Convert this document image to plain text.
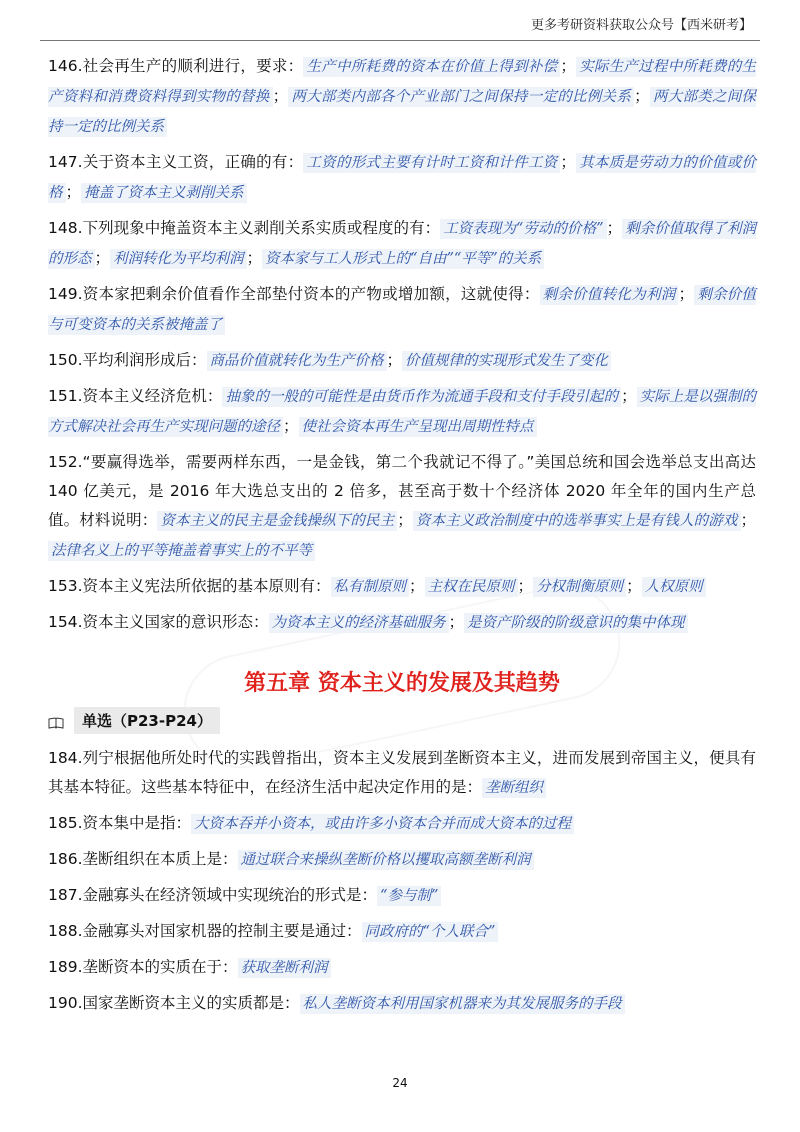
更多考研资料获取公众号【西米研考】

146.社会再生产的顺利进行，要求： 生产中所耗费的资本在价值上得到补偿 ； 实际生产过程中所耗费的生产资料和消费资料得到实物的替换 ； 两大部类内部各个产业部门之间保持一定的比例关系 ； 两大部类之间保持一定的比例关系

147.关于资本主义工资，正确的有： 工资的形式主要有计时工资和计件工资 ； 其本质是劳动力的价值或价格 ； 掩盖了资本主义剥削关系

148.下列现象中掩盖资本主义剥削关系实质或程度的有： 工资表现为“劳动的价格” ； 剩余价值取得了利润的形态 ； 利润转化为平均利润 ； 资本家与工人形式上的“自由”“平等”的关系

149.资本家把剩余价值看作全部垫付资本的产物或增加额，这就使得： 剩余价值转化为利润 ； 剩余价值与可变资本的关系被掩盖了

150.平均利润形成后： 商品价值就转化为生产价格 ； 价值规律的实现形式发生了变化

151.资本主义经济危机： 抽象的一般的可能性是由货币作为流通手段和支付手段引起的 ； 实际上是以强制的方式解决社会再生产实现问题的途径 ； 使社会资本再生产呈现出周期性特点

152.“要赢得选举，需要两样东西，一是金钱，第二个我就记不得了。”美国总统和国会选举总支出高达 140 亿美元，是 2016 年大选总支出的 2 倍多，甚至高于数十个经济体 2020 年全年的国内生产总值。材料说明： 资本主义的民主是金钱操纵下的民主 ； 资本主义政治制度中的选举事实上是有钱人的游戏 ；法律名义上的平等掩盖着事实上的不平等

153.资本主义宪法所依据的基本原则有： 私有制原则 ； 主权在民原则 ； 分权制衡原则 ； 人权原则

154.资本主义国家的意识形态： 为资本主义的经济基础服务 ； 是资产阶级的阶级意识的集中体现

第五章 资本主义的发展及其趋势
单选（P23-P24）

184.列宁根据他所处时代的实践曾指出，资本主义发展到垄断资本主义，进而发展到帝国主义，便具有其基本特征。这些基本特征中，在经济生活中起决定作用的是： 垄断组织

185.资本集中是指： 大资本吞并小资本，或由许多小资本合并而成大资本的过程

186.垄断组织在本质上是： 通过联合来操纵垄断价格以攫取高额垄断利润

187.金融寡头在经济领域中实现统治的形式是： “参与制”

188.金融寡头对国家机器的控制主要是通过： 同政府的“个人联合”

189.垄断资本的实质在于： 获取垄断利润

190.国家垄断资本主义的实质都是： 私人垄断资本利用国家机器来为其发展服务的手段

24
